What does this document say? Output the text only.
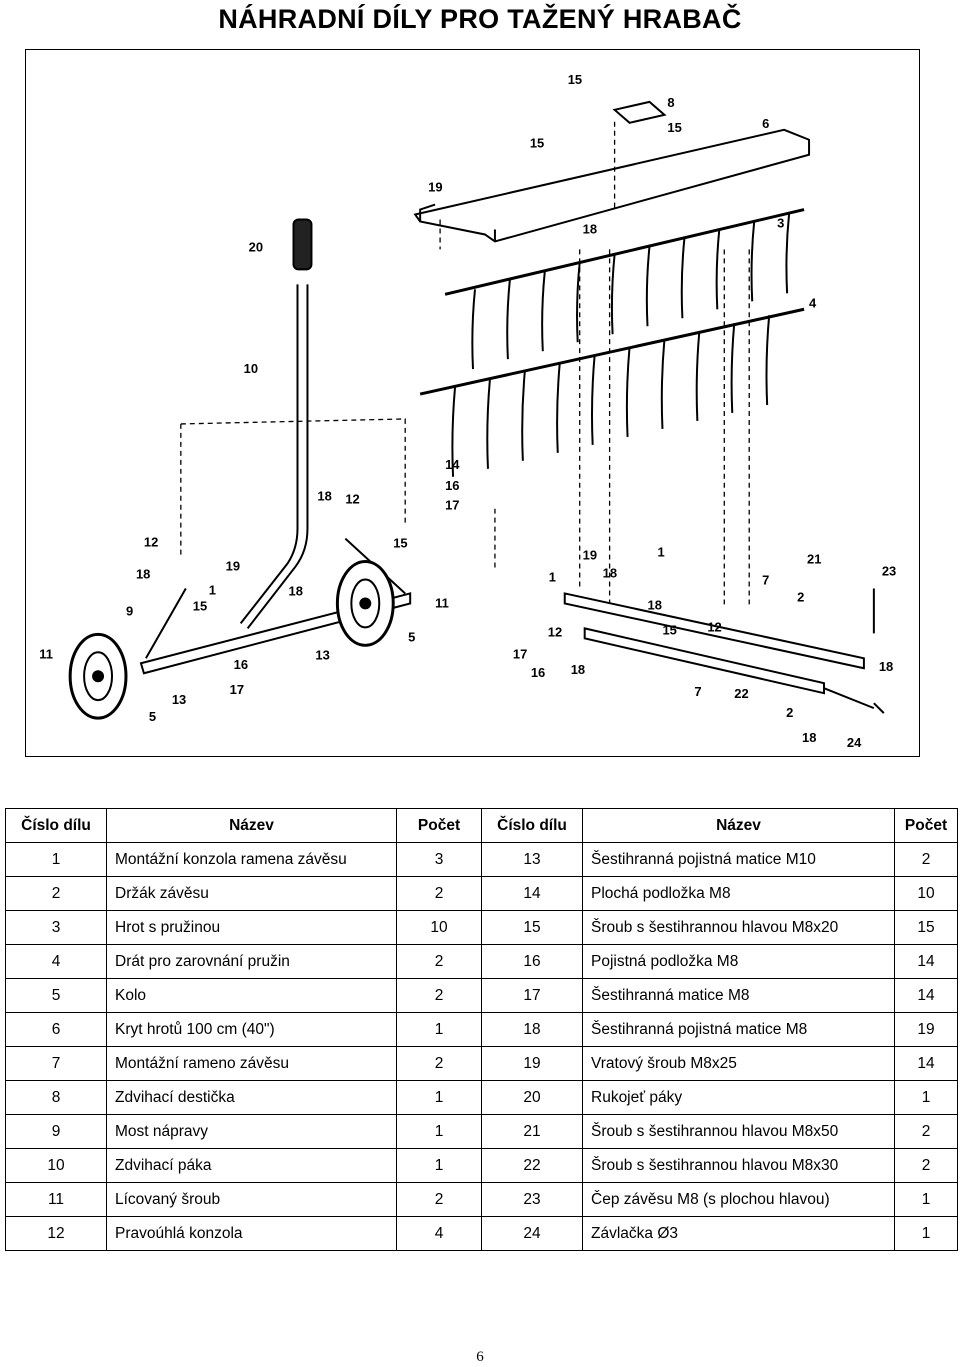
NÁHRADNÍ DÍLY PRO TAŽENÝ HRABAČ
15
8
15	6
15
19
20
18	3
4
10
14
16
17
18 12
15
12
18
19
9	15
1	18
11
13
16
17
13
5
11
5
19	1
18
1
21
23
7
2
18
15 12
12
17
16 18	18
7	22
2
18 24
Číslo dílu	Název	Počet	Číslo dílu	Název	Počet
1	Montážní konzola ramena závěsu	3	13	Šestihranná pojistná matice M10	2
2	Držák závěsu	2	14	Plochá podložka M8	10
3	Hrot s pružinou	10	15	Šroub s šestihrannou hlavou M8x20	15
4	Drát pro zarovnání pružin	2	16	Pojistná podložka M8	14
5	Kolo	2	17	Šestihranná matice M8	14
6	Kryt hrotů 100 cm (40")	1	18	Šestihranná pojistná matice M8	19
7	Montážní rameno závěsu	2	19	Vratový šroub M8x25	14
8	Zdvihací destička	1	20	Rukojeť páky	1
9	Most nápravy	1	21	Šroub s šestihrannou hlavou M8x50	2
10	Zdvihací páka	1	22	Šroub s šestihrannou hlavou M8x30	2
11	Lícovaný šroub	2	23	Čep závěsu M8 (s plochou hlavou)	1
12	Pravoúhlá konzola	4	24	Závlačka Ø3	1
6
